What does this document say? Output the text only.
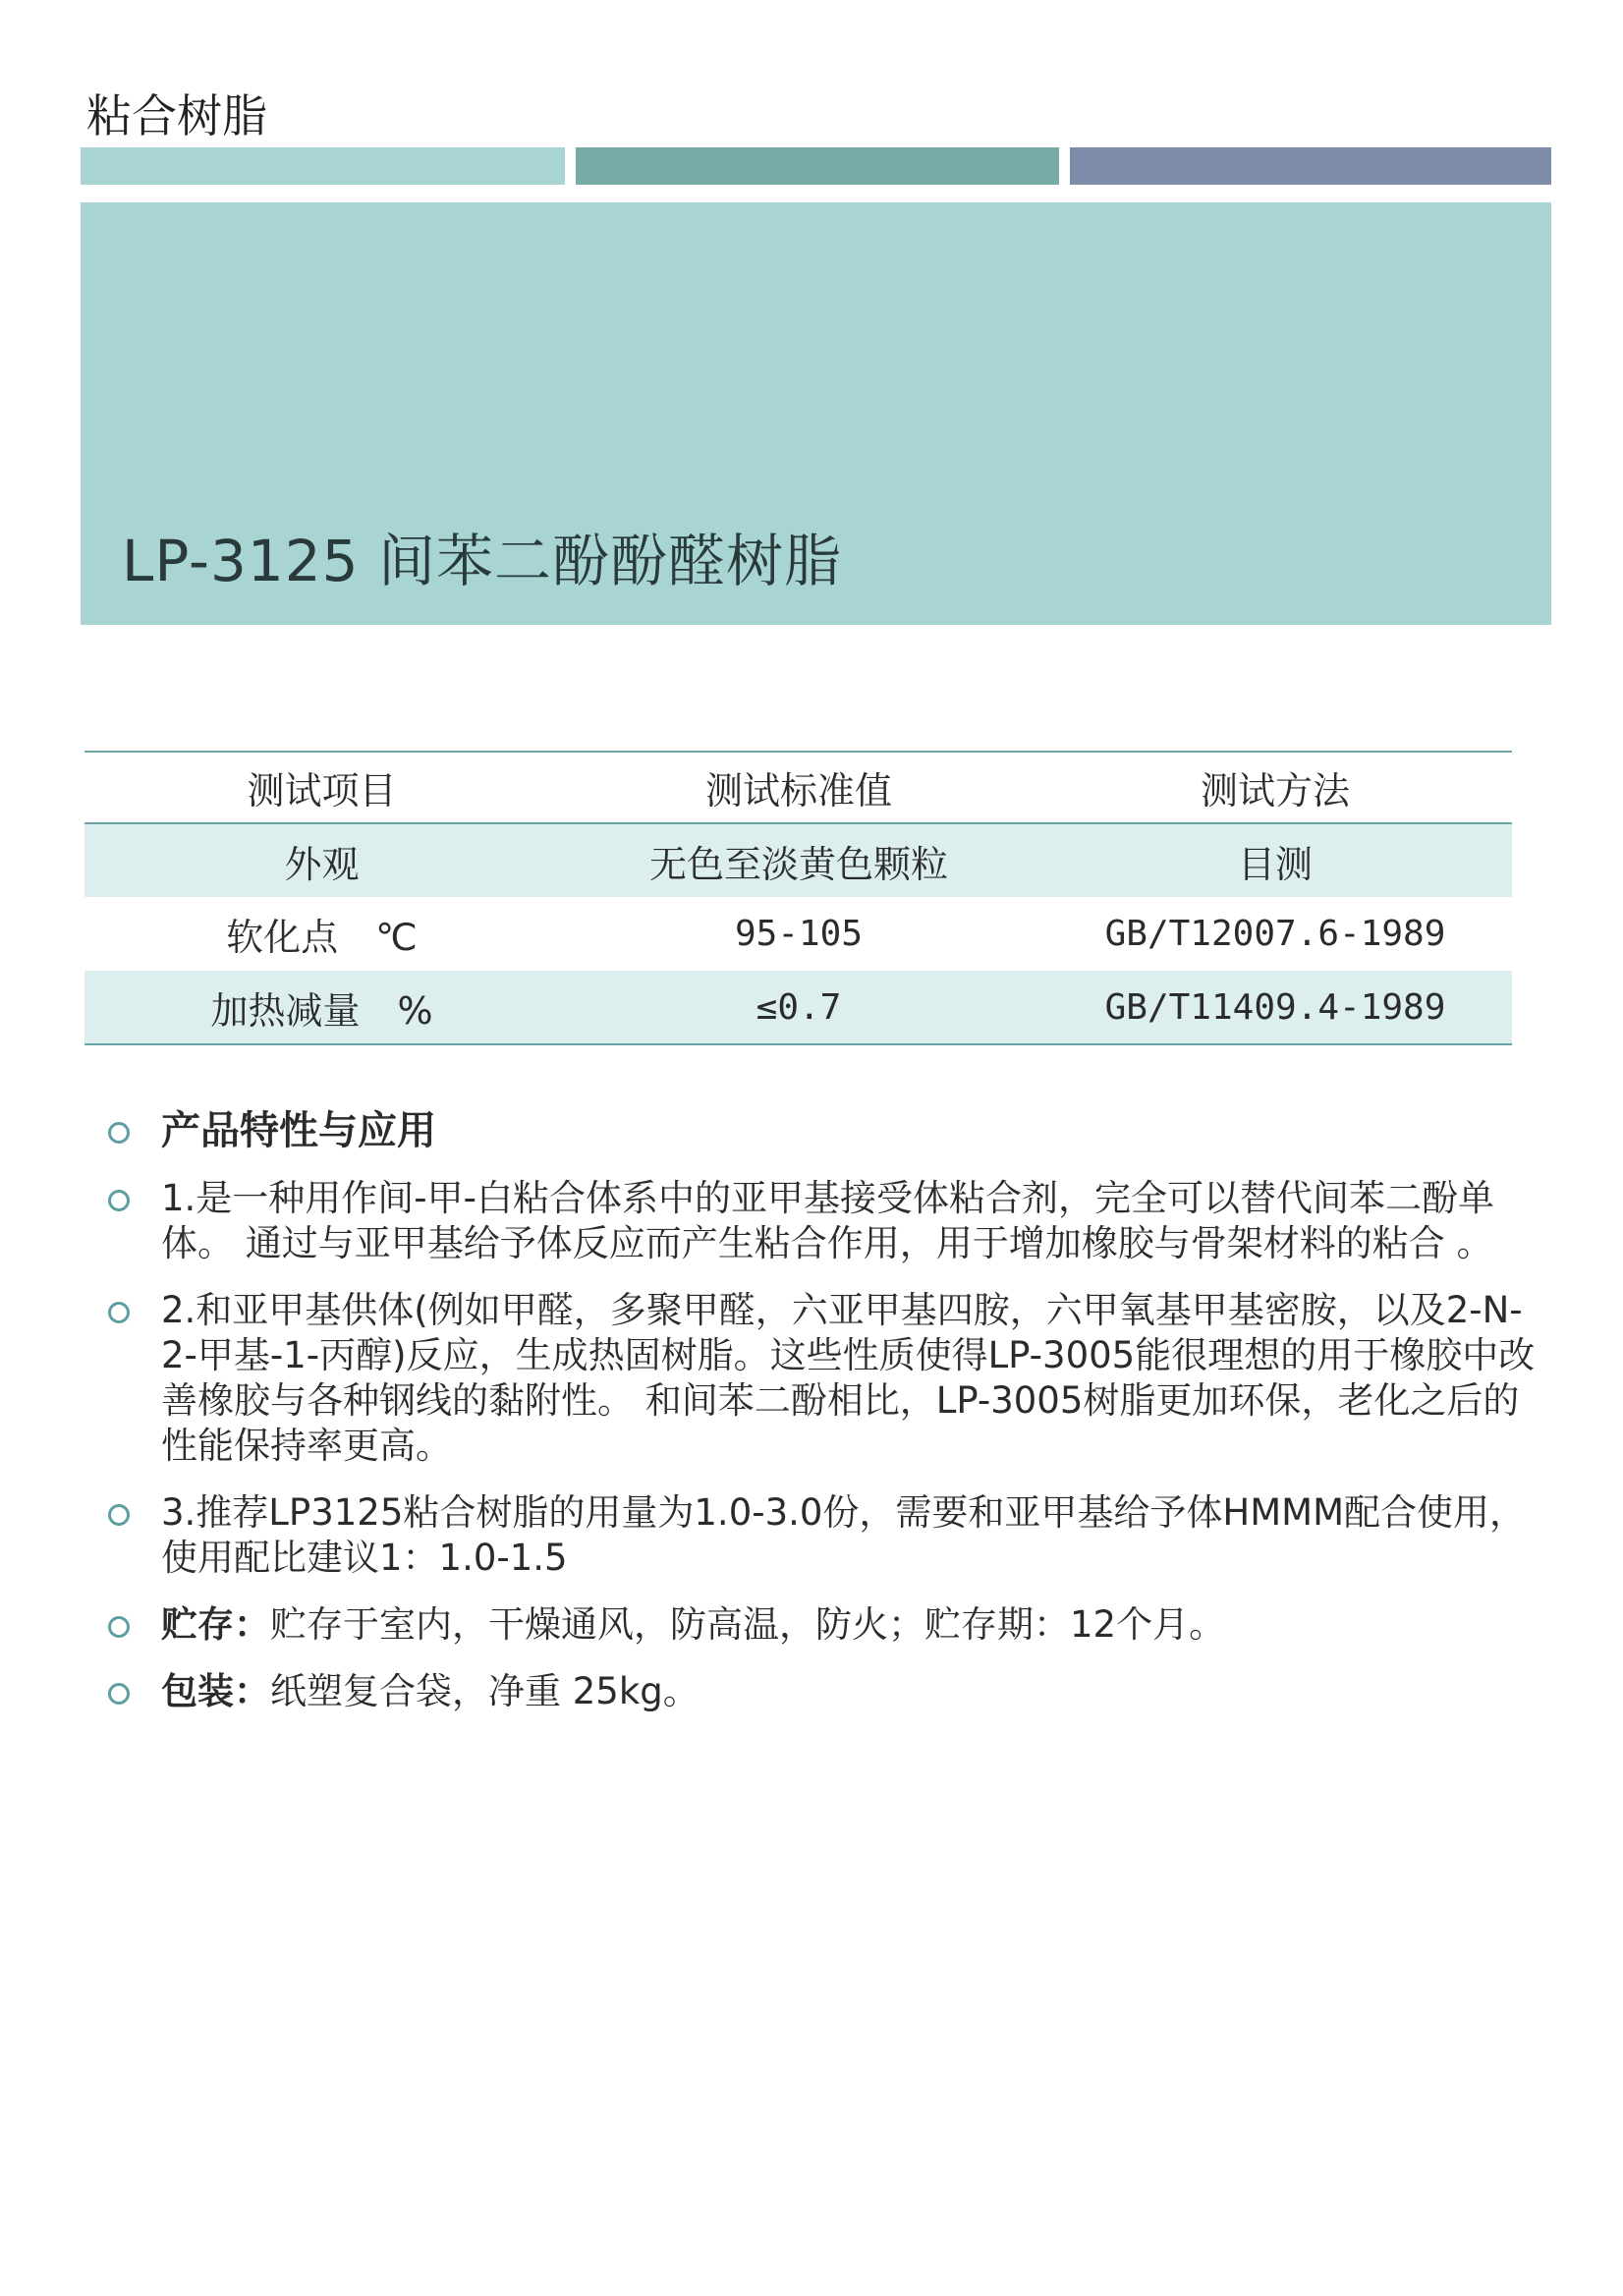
粘合树脂
LP-3125 间苯二酚酚醛树脂
测试项目	测试标准值	测试方法
外观	无色至淡黄色颗粒	目测
软化点　℃	95-105	GB/T12007.6-1989
加热减量　%	≤0.7	GB/T11409.4-1989
产品特性与应用
1.是一种用作间-甲-白粘合体系中的亚甲基接受体粘合剂，完全可以替代间苯二酚单体。 通过与亚甲基给予体反应而产生粘合作用，用于增加橡胶与骨架材料的粘合 。
2.和亚甲基供体(例如甲醛，多聚甲醛，六亚甲基四胺，六甲氧基甲基密胺，以及2-N-2-甲基-1-丙醇)反应，生成热固树脂。这些性质使得LP-3005能很理想的用于橡胶中改善橡胶与各种钢线的黏附性。 和间苯二酚相比，LP-3005树脂更加环保，老化之后的性能保持率更高。
3.推荐LP3125粘合树脂的用量为1.0-3.0份，需要和亚甲基给予体HMMM配合使用，使用配比建议1：1.0-1.5
贮存：贮存于室内，干燥通风，防高温，防火；贮存期：12个月。
包装：纸塑复合袋，净重 25kg。
